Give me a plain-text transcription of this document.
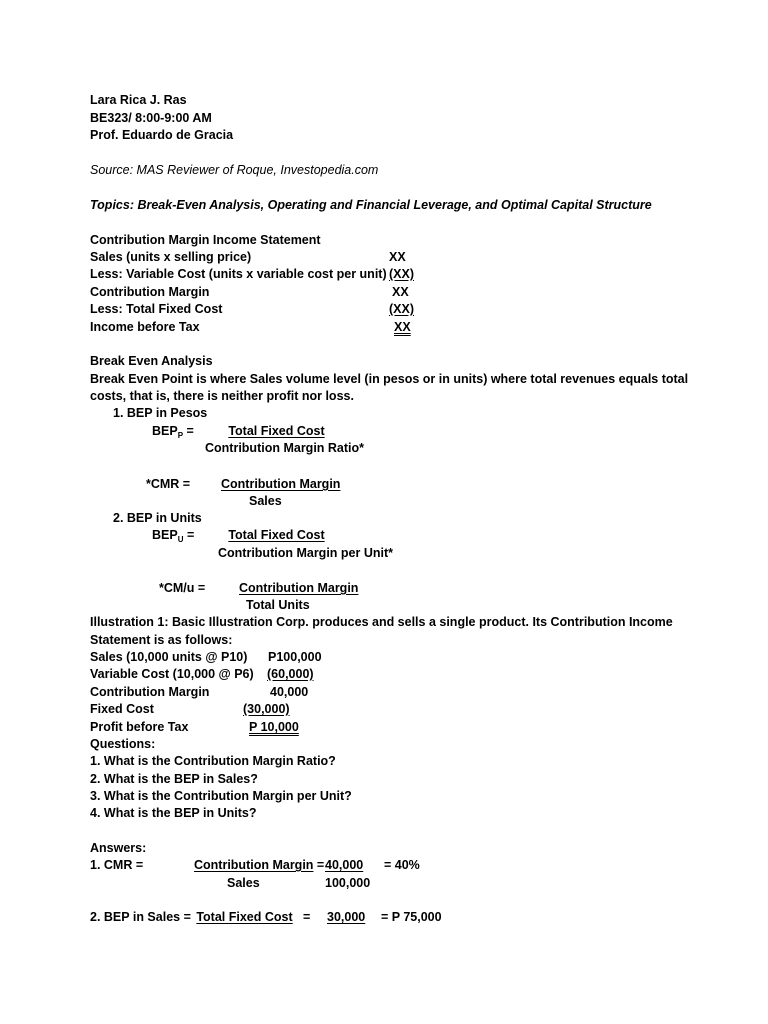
Lara Rica J. Ras
BE323/ 8:00-9:00 AM
Prof. Eduardo de Gracia
Source: MAS Reviewer of Roque, Investopedia.com
Topics: Break-Even Analysis, Operating and Financial Leverage, and Optimal Capital Structure
Contribution Margin Income Statement
Sales (units x selling price)	XX
Less: Variable Cost (units x variable cost per unit) (XX)
Contribution Margin	XX
Less: Total Fixed Cost	(XX)
Income before Tax	XX
Break Even Analysis
Break Even Point is where Sales volume level (in pesos or in units) where total revenues equals total
costs, that is, there is neither profit nor loss.
1. BEP in Pesos
$BEP_P$ =	Total Fixed Cost
Contribution Margin Ratio*
*CMR = Contribution Margin
Sales
2. BEP in Units
$BEP_U$ =	Total Fixed Cost
Contribution Margin per Unit*
*CM/u =	Contribution Margin
Total Units
Illustration 1: Basic Illustration Corp. produces and sells a single product. Its Contribution Income
Statement is as follows:
Sales (10,000 units @ P10) P100,000
Variable Cost (10,000 @ P6) (60,000)
Contribution Margin	40,000
Fixed Cost	(30,000)
Profit before Tax	P 10,000
Questions:
1. What is the Contribution Margin Ratio?
2. What is the BEP in Sales?
3. What is the Contribution Margin per Unit?
4. What is the BEP in Units?
Answers:
1. CMR =	Contribution Margin = 40,000 = 40%
Sales	100,000
2. BEP in Sales = Total Fixed Cost = 30,000 = P 75,000
